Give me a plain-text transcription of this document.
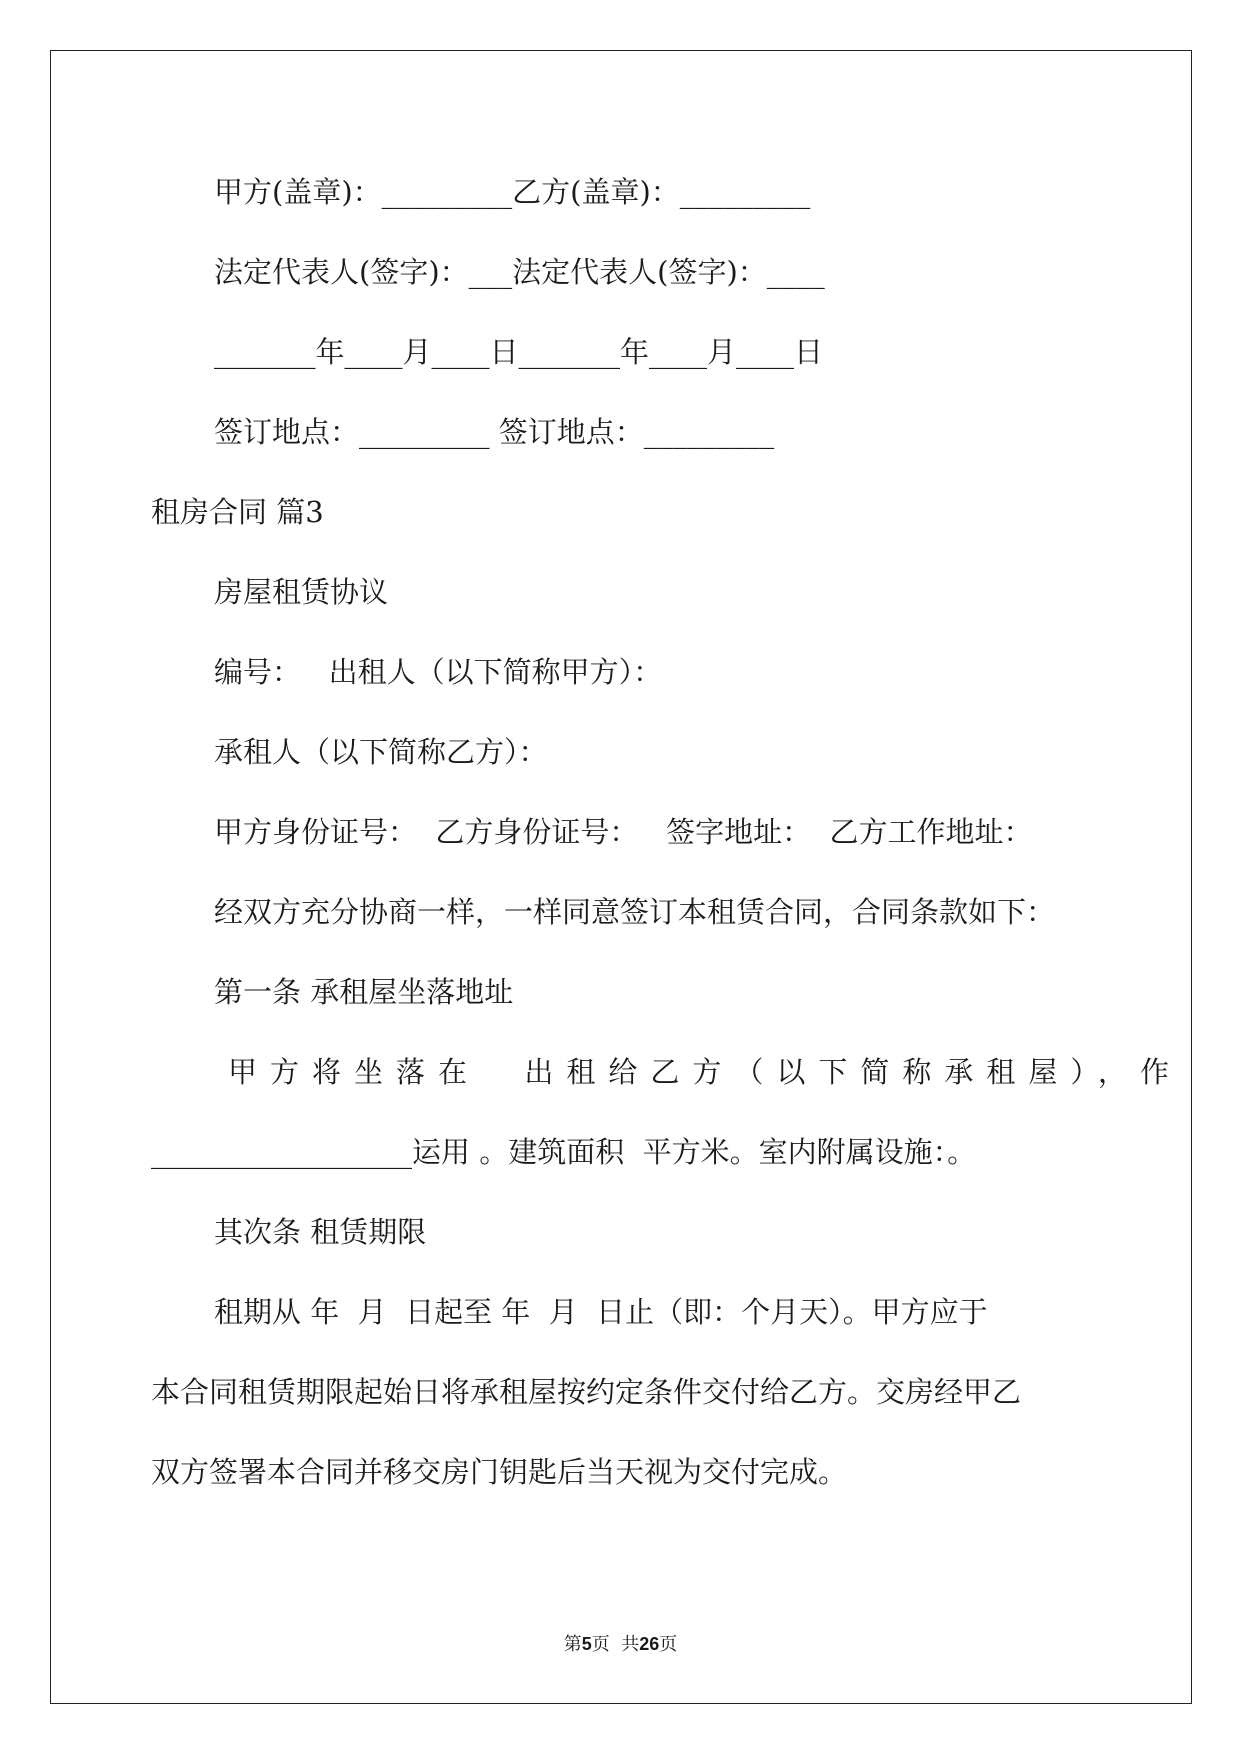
甲方(盖章)：_________乙方(盖章)：_________

法定代表人(签字)：___法定代表人(签字)：____

_______年____月____日_______年____月____日

签订地点：_________ 签订地点：_________

租房合同 篇3

房屋租赁协议

编号：   出租人（以下简称甲方）：

承租人（以下简称乙方）：

甲方身份证号：  乙方身份证号：   签字地址：  乙方工作地址：

经双方充分协商一样，一样同意签订本租赁合同，合同条款如下：

第一条 承租屋坐落地址

甲方将坐落在  出租给乙方（以下简称承租屋），作

__________________运用 。建筑面积  平方米。室内附属设施：。

其次条 租赁期限

租期从 年  月  日起至 年  月  日止（即：个月天）。甲方应于

本合同租赁期限起始日将承租屋按约定条件交付给乙方。交房经甲乙

双方签署本合同并移交房门钥匙后当天视为交付完成。

第5页  共26页
